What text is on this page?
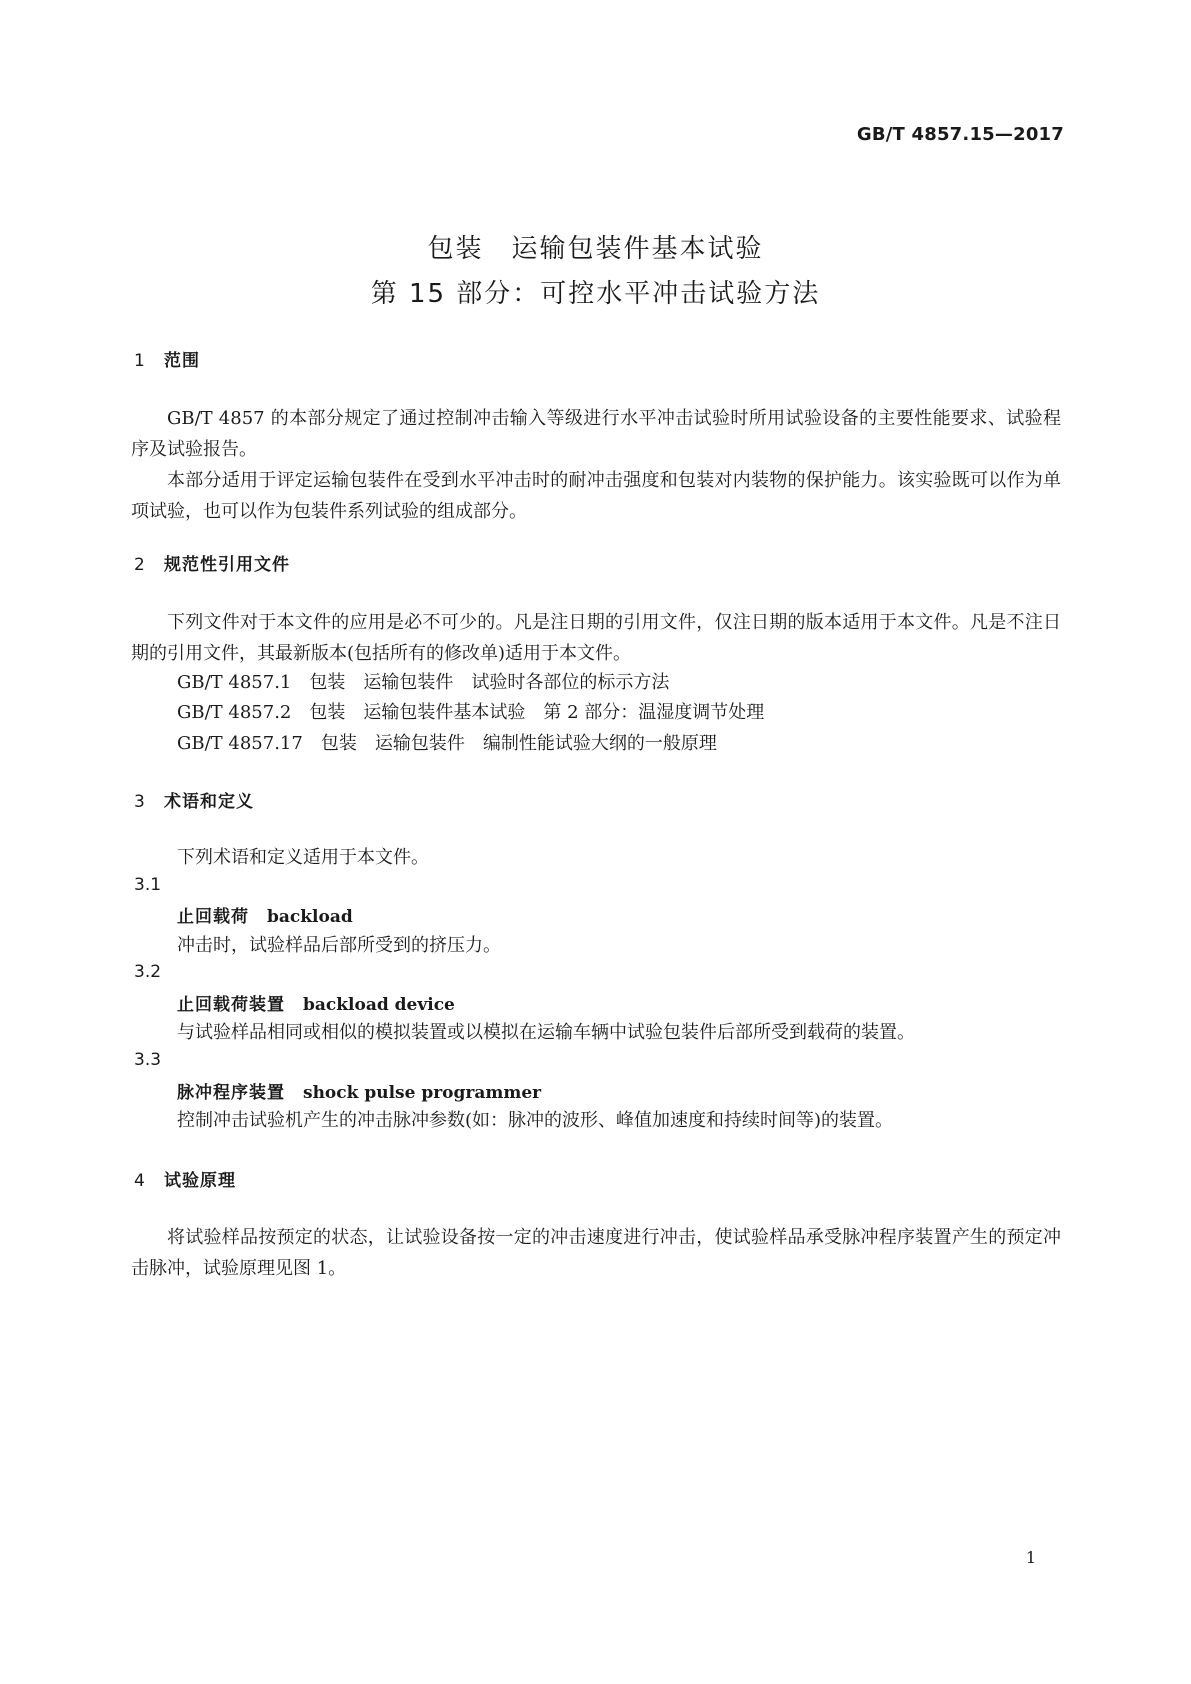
GB/T 4857.15—2017
包装　运输包装件基本试验
第 15 部分：可控水平冲击试验方法
1 范围
GB/T 4857 的本部分规定了通过控制冲击输入等级进行水平冲击试验时所用试验设备的主要性能要求、试验程序及试验报告。
本部分适用于评定运输包装件在受到水平冲击时的耐冲击强度和包装对内装物的保护能力。该实验既可以作为单项试验，也可以作为包装件系列试验的组成部分。
2 规范性引用文件
下列文件对于本文件的应用是必不可少的。凡是注日期的引用文件，仅注日期的版本适用于本文件。凡是不注日期的引用文件，其最新版本(包括所有的修改单)适用于本文件。
GB/T 4857.1　包装　运输包装件　试验时各部位的标示方法
GB/T 4857.2　包装　运输包装件基本试验　第 2 部分：温湿度调节处理
GB/T 4857.17　包装　运输包装件　编制性能试验大纲的一般原理
3 术语和定义
下列术语和定义适用于本文件。
3.1
止回载荷 backload
冲击时，试验样品后部所受到的挤压力。
3.2
止回载荷装置 backload device
与试验样品相同或相似的模拟装置或以模拟在运输车辆中试验包装件后部所受到载荷的装置。
3.3
脉冲程序装置 shock pulse programmer
控制冲击试验机产生的冲击脉冲参数(如：脉冲的波形、峰值加速度和持续时间等)的装置。
4 试验原理
将试验样品按预定的状态，让试验设备按一定的冲击速度进行冲击，使试验样品承受脉冲程序装置产生的预定冲击脉冲，试验原理见图 1。
1
